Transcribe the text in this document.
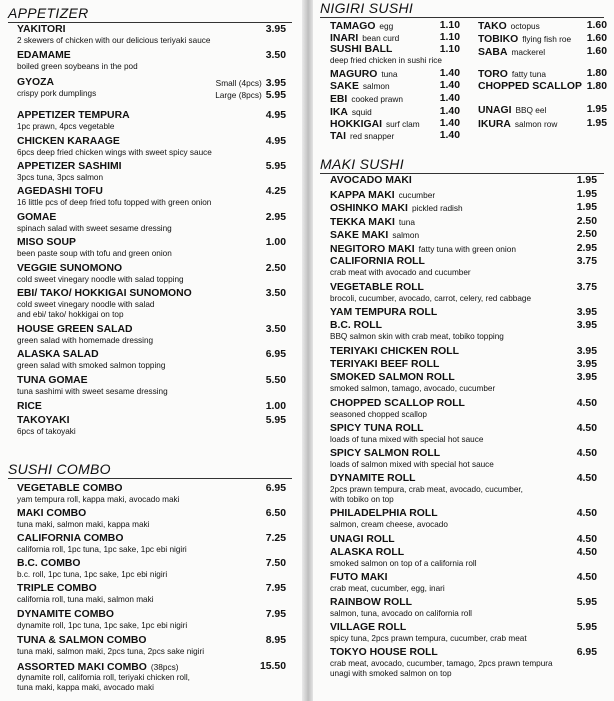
APPETIZER
YAKITORI
2 skewers of chicken with our delicious teriyaki sauce
3.95
EDAMAME
boiled green soybeans in the pod
3.50
GYOZA
crispy pork dumplings
Small (4pcs) 3.95
Large (8pcs) 5.95
APPETIZER TEMPURA
1pc prawn, 4pcs vegetable
4.95
CHICKEN KARAAGE
6pcs deep fried chicken wings with sweet spicy sauce
4.95
APPETIZER SASHIMI
3pcs tuna, 3pcs salmon
5.95
AGEDASHI TOFU
16 little pcs of deep fried tofu topped with green onion
4.25
GOMAE
spinach salad with sweet sesame dressing
2.95
MISO SOUP
been paste soup with tofu and green onion
1.00
VEGGIE SUNOMONO
cold sweet vinegary noodle with salad topping
2.50
EBI/ TAKO/ HOKKIGAI SUNOMONO
cold sweet vinegary noodle with salad
and ebi/ tako/ hokkigai on top
3.50
HOUSE GREEN SALAD
green salad with homemade dressing
3.50
ALASKA SALAD
green salad with smoked salmon topping
6.95
TUNA GOMAE
tuna sashimi with sweet sesame dressing
5.50
RICE	1.00
TAKOYAKI
6pcs of takoyaki
5.95
SUSHI COMBO
VEGETABLE COMBO
yam tempura roll, kappa maki, avocado maki
6.95
MAKI COMBO
tuna maki, salmon maki, kappa maki
6.50
CALIFORNIA COMBO
california roll, 1pc tuna, 1pc sake, 1pc ebi nigiri
7.25
B.C. COMBO
b.c. roll, 1pc tuna, 1pc sake, 1pc ebi nigiri
7.50
TRIPLE COMBO
california roll, tuna maki, salmon maki
7.95
DYNAMITE COMBO
dynamite roll, 1pc tuna, 1pc sake, 1pc ebi nigiri
7.95
TUNA & SALMON COMBO
tuna maki, salmon maki, 2pcs tuna, 2pcs sake nigiri
8.95
ASSORTED MAKI COMBO (38pcs)
dynamite roll, california roll, teriyaki chicken roll,
tuna maki, kappa maki, avocado maki
15.50
NIGIRI SUSHI
TAMAGO egg	1.10
INARI bean curd	1.10
SUSHI BALL
deep fried chicken in sushi rice
1.10
MAGURO tuna	1.40
SAKE salmon	1.40
EBI cooked prawn	1.40
IKA squid	1.40
HOKKIGAI surf clam	1.40
TAI red snapper	1.40
TAKO octopus	1.60
TOBIKO flying fish roe	1.60
SABA mackerel	1.60
TORO fatty tuna	1.80
CHOPPED SCALLOP 1.80
UNAGI BBQ eel	1.95
IKURA salmon row	1.95
MAKI SUSHI
AVOCADO MAKI	1.95
KAPPA MAKI cucumber	1.95
OSHINKO MAKI pickled radish	1.95
TEKKA MAKI tuna	2.50
SAKE MAKI salmon	2.50
NEGITORO MAKI fatty tuna with green onion	2.95
CALIFORNIA ROLL
crab meat with avocado and cucumber
3.75
VEGETABLE ROLL
brocoli, cucumber, avocado, carrot, celery, red cabbage
3.75
YAM TEMPURA ROLL	3.95
B.C. ROLL
BBQ salmon skin with crab meat, tobiko topping
3.95
TERIYAKI CHICKEN ROLL	3.95
TERIYAKI BEEF ROLL	3.95
SMOKED SALMON ROLL
smoked salmon, tamago, avocado, cucumber
3.95
CHOPPED SCALLOP ROLL
seasoned chopped scallop
4.50
SPICY TUNA ROLL
loads of tuna mixed with special hot sauce
4.50
SPICY SALMON ROLL
loads of salmon mixed with special hot sauce
4.50
DYNAMITE ROLL
2pcs prawn tempura, crab meat, avocado, cucumber,
with tobiko on top
4.50
PHILADELPHIA ROLL
salmon, cream cheese, avocado
4.50
UNAGI ROLL	4.50
ALASKA ROLL
smoked salmon on top of a california roll
4.50
FUTO MAKI
crab meat, cucumber, egg, inari
4.50
RAINBOW ROLL
salmon, tuna, avocado on california roll
5.95
VILLAGE ROLL
spicy tuna, 2pcs prawn tempura, cucumber, crab meat
5.95
TOKYO HOUSE ROLL
crab meat, avocado, cucumber, tamago, 2pcs prawn tempura
unagi with smoked salmon on top
6.95
